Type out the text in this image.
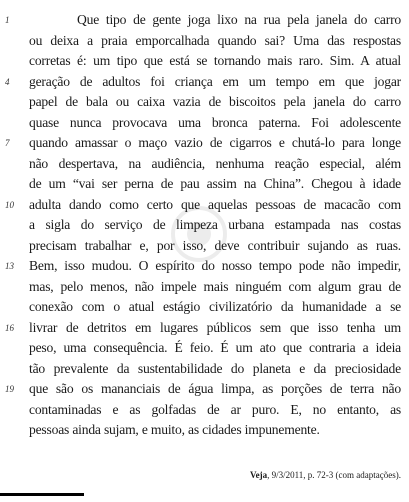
1	Que tipo de gente joga lixo na rua pela janela do carro
ou deixa a praia emporcalhada quando sai? Uma das respostas
corretas é: um tipo que está se tornando mais raro. Sim. A atual
4	geração de adultos foi criança em um tempo em que jogar
papel de bala ou caixa vazia de biscoitos pela janela do carro
quase nunca provocava uma bronca paterna. Foi adolescente
7	quando amassar o maço vazio de cigarros e chutá-lo para longe
não despertava, na audiência, nenhuma reação especial, além
de um “vai ser perna de pau assim na China”. Chegou à idade
10	adulta dando como certo que aquelas pessoas de macacão com
a sigla do serviço de limpeza urbana estampada nas costas
precisam trabalhar e, por isso, deve contribuir sujando as ruas.
13	Bem, isso mudou. O espírito do nosso tempo pode não impedir,
mas, pelo menos, não impele mais ninguém com algum grau de
conexão com o atual estágio civilizatório da humanidade a se
16	livrar de detritos em lugares públicos sem que isso tenha um
peso, uma consequência. É feio. É um ato que contraria a ideia
tão prevalente da sustentabilidade do planeta e da preciosidade
19	que são os mananciais de água limpa, as porções de terra não
contaminadas e as golfadas de ar puro. E, no entanto, as
pessoas ainda sujam, e muito, as cidades impunemente.
Veja, 9/3/2011, p. 72-3 (com adaptações).
